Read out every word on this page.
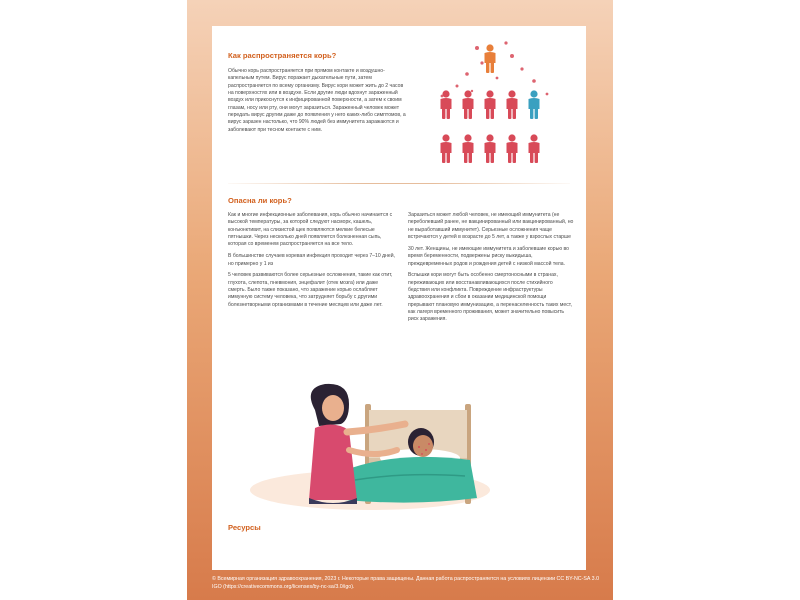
Как распространяется корь?

Обычно корь распространяется при прямом контакте и воздушно-капельным путем. Вирус поражает дыхательные пути, затем распространяется по всему организму. Вирус кори может жить до 2 часов на поверхностях или в воздухе. Если другие люди вдохнут зараженный воздух или прикоснутся к инфицированной поверхности, а затем к своим глазам, носу или рту, они могут заразиться. Зараженный человек может передать вирус другим даже до появления у него каких-либо симптомов, а вирус заразен настолько, что 90% людей без иммунитета заражаются и заболевают при тесном контакте с ним.

Опасна ли корь?

Как и многие инфекционные заболевания, корь обычно начинается с высокой температуры, за которой следуют насморк, кашель, конъюнктивит, на слизистой щек появляются мелкие белесые пятнышки. Через несколько дней появляется болезненная сыпь, которая со временем распространяется на все тело.

В большинстве случаев коревая инфекция проходит через 7–10 дней, но примерно у 1 из

5 человек развиваются более серьезные осложнения, такие как отит, глухота, слепота, пневмония, энцефалит (отек мозга) или даже смерть. Было также показано, что заражение корью ослабляет иммунную систему человека, что затрудняет борьбу с другими болезнетворными организмами в течение месяцев или даже лет.

Заразиться может любой человек, не имеющий иммунитета (не переболевший ранее, не вакцинированный или вакцинированный, но не выработавший иммунитет). Серьезные осложнения чаще встречаются у детей в возрасте до 5 лет, а также у взрослых старше

30 лет. Женщины, не имеющие иммунитета и заболевшие корью во время беременности, подвержены риску выкидыша, преждевременных родов и рождения детей с низкой массой тела.

Вспышки кори могут быть особенно смертоносными в странах, переживающих или восстанавливающихся после стихийного бедствия или конфликта. Повреждение инфраструктуры здравоохранения и сбои в оказании медицинской помощи прерывают плановую иммунизацию, а перенаселенность таких мест, как лагеря временного проживания, может значительно повысить риск заражения.

Ресурсы

© Всемирная организация здравоохранения, 2023 г. Некоторые права защищены. Данная работа распространяется на условиях лицензии CC BY-NC-SA 3.0 IGO (https://creativecommons.org/licenses/by-nc-sa/3.0/igo).
